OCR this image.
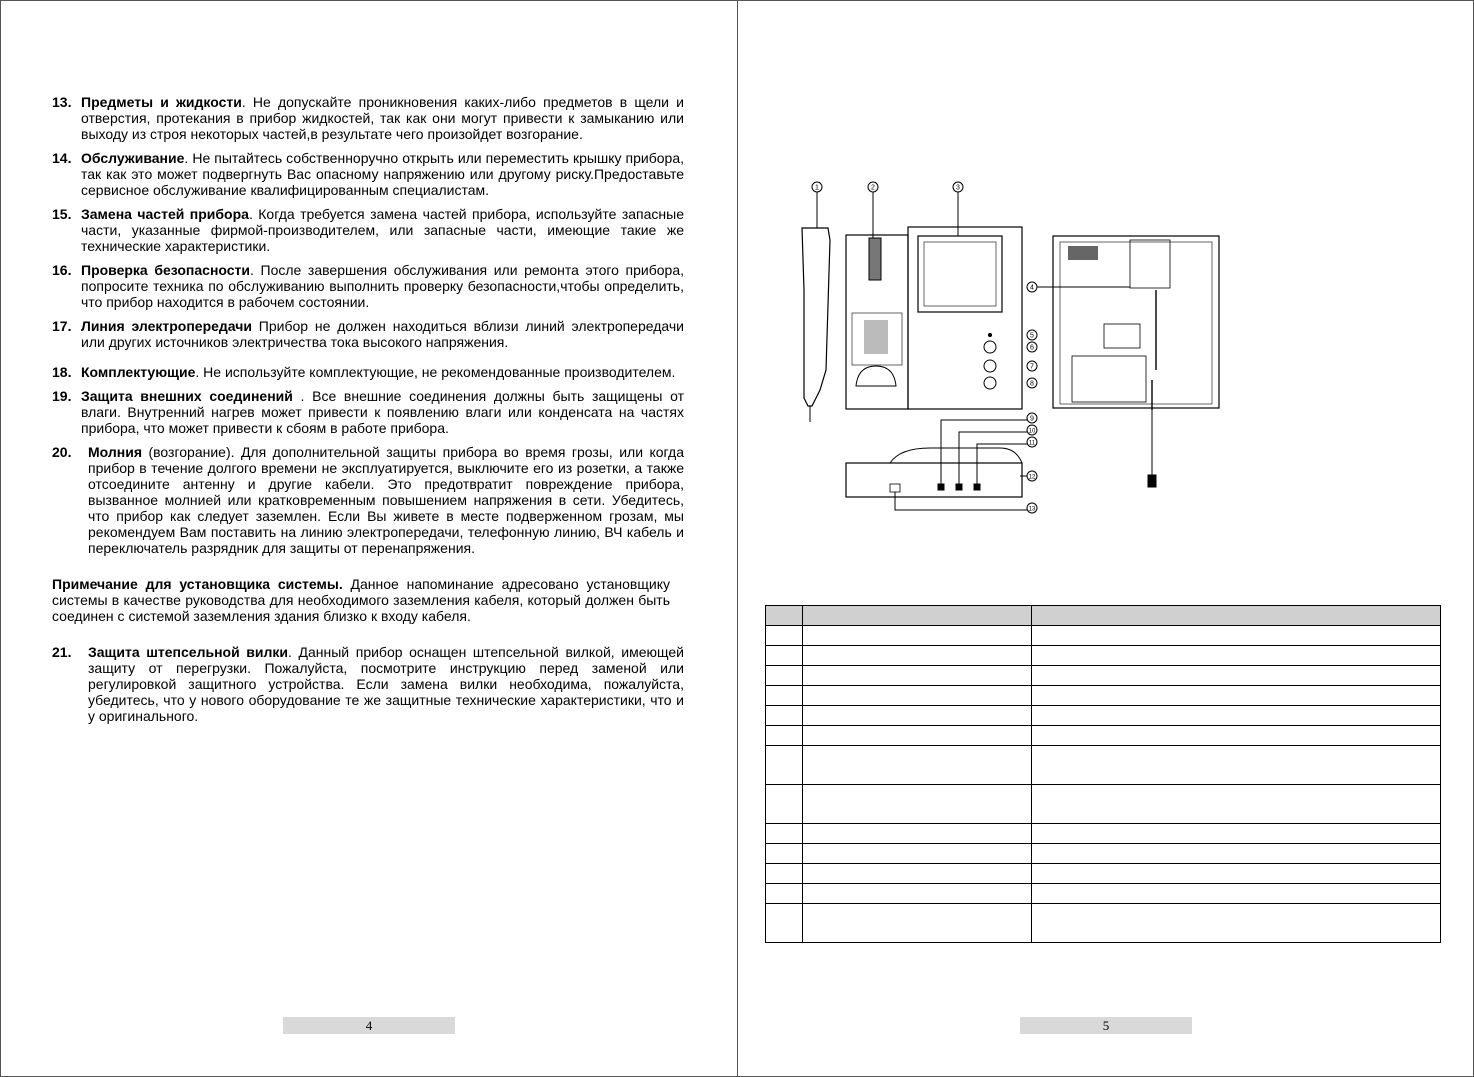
13. Предметы и жидкости. Не допускайте проникновения каких-либо предметов в щели и отверстия, протекания в прибор жидкостей, так как они могут привести к замыканию или выходу из строя некоторых частей,в результате чего произойдет возгорание.
14. Обслуживание. Не пытайтесь собственноручно открыть или переместить крышку прибора, так как это может подвергнуть Вас опасному напряжению или другому риску.Предоставьте сервисное обслуживание квалифицированным специалистам.
15. Замена частей прибора. Когда требуется замена частей прибора, используйте запасные части, указанные фирмой-производителем, или запасные части, имеющие такие же технические характеристики.
16. Проверка безопасности. После завершения обслуживания или ремонта этого прибора, попросите техника по обслуживанию выполнить проверку безопасности,чтобы определить, что прибор находится в рабочем состоянии.
17. Линия электропередачи Прибор не должен находиться вблизи линий электропередачи или других источников электричества тока высокого напряжения.
18. Комплектующие. Не используйте комплектующие, не рекомендованные производителем.
19. Защита внешних соединений . Все внешние соединения должны быть защищены от влаги. Внутренний нагрев может привести к появлению влаги или конденсата на частях прибора, что может привести к сбоям в работе прибора.
20. Молния (возгорание). Для дополнительной защиты прибора во время грозы, или когда прибор в течение долгого времени не эксплуатируется, выключите его из розетки, а также отсоедините антенну и другие кабели. Это предотвратит повреждение прибора, вызванное молнией или кратковременным повышением напряжения в сети. Убедитесь, что прибор как следует заземлен. Если Вы живете в месте подверженном грозам, мы рекомендуем Вам поставить на линию электропередачи, телефонную линию, ВЧ кабель и переключатель разрядник для защиты от перенапряжения.
Примечание для установщика системы. Данное напоминание адресовано установщику системы в качестве руководства для необходимого заземления кабеля, который должен быть соединен с системой заземления здания близко к входу кабеля.
21. Защита штепсельной вилки. Данный прибор оснащен штепсельной вилкой, имеющей защиту от перегрузки. Пожалуйста, посмотрите инструкцию перед заменой или регулировкой защитного устройства. Если замена вилки необходима, пожалуйста, убедитесь, что у нового оборудование те же защитные технические характеристики, что и у оригинального.
4
1	2	3
4
5
6
7
8
9
10
11
12
13

5
